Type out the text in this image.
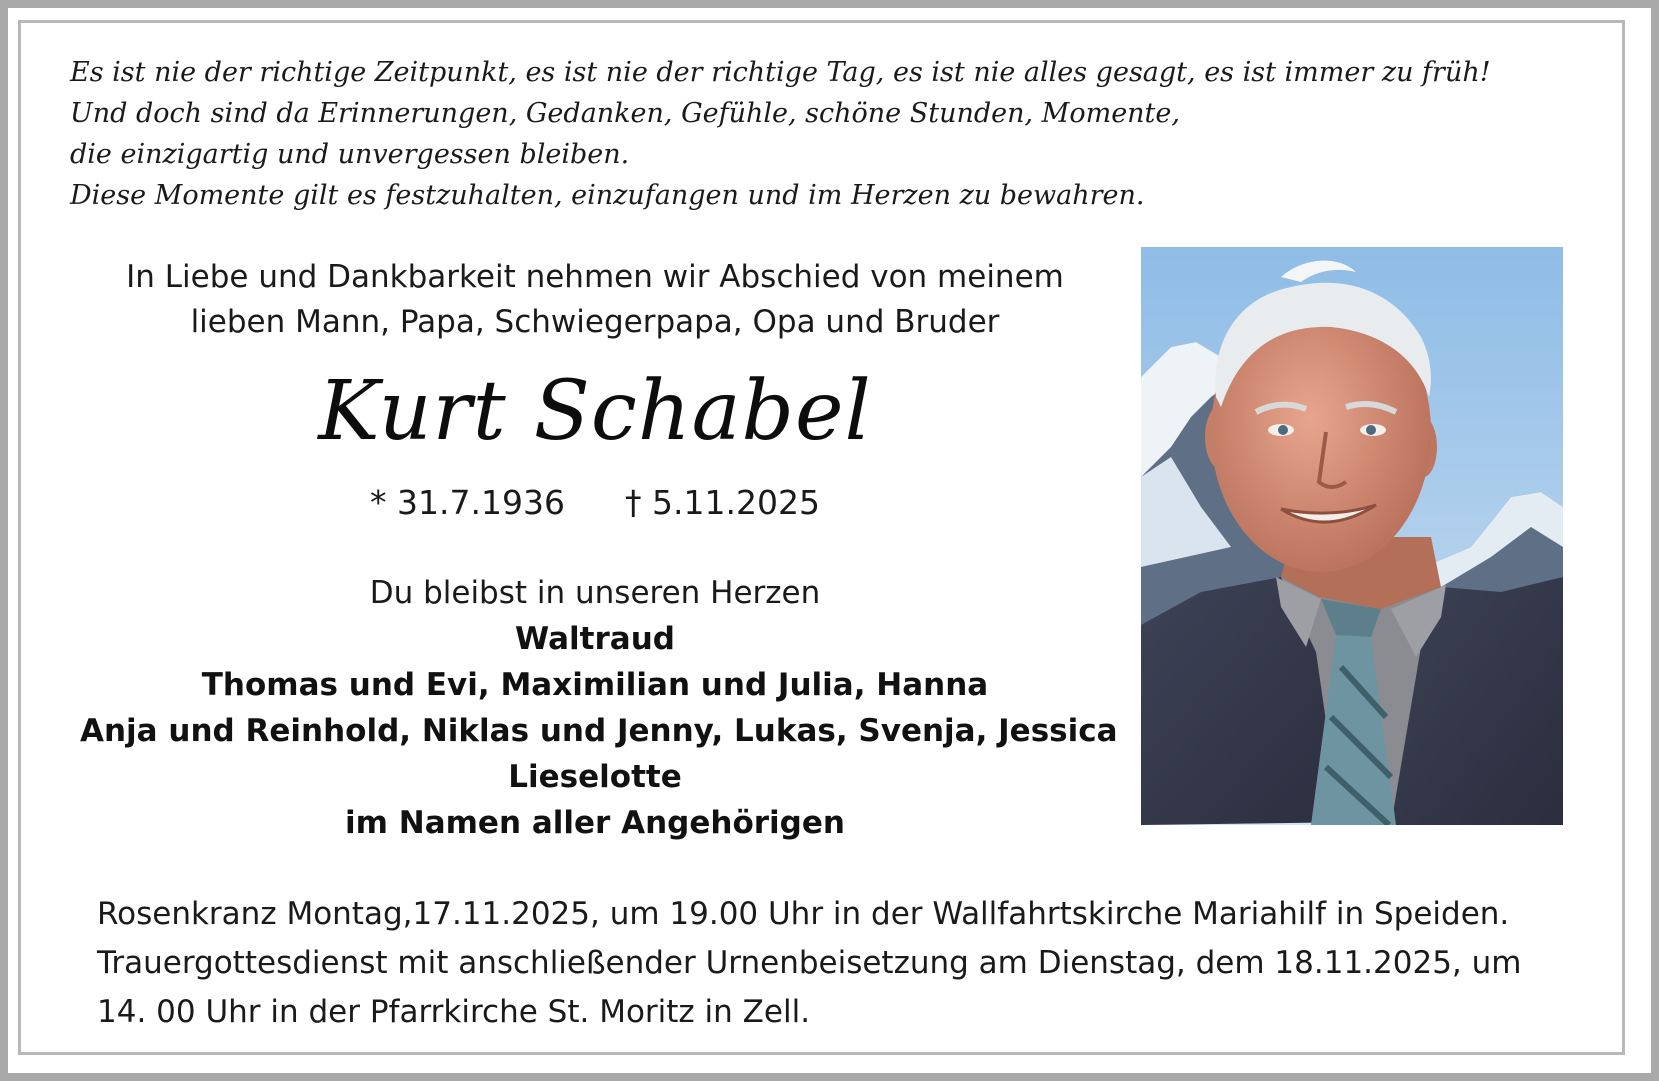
Es ist nie der richtige Zeitpunkt, es ist nie der richtige Tag, es ist nie alles gesagt, es ist immer zu früh!
Und doch sind da Erinnerungen, Gedanken, Gefühle, schöne Stunden, Momente,
die einzigartig und unvergessen bleiben.
Diese Momente gilt es festzuhalten, einzufangen und im Herzen zu bewahren.
In Liebe und Dankbarkeit nehmen wir Abschied von meinem
lieben Mann, Papa, Schwiegerpapa, Opa und Bruder
Kurt Schabel
* 31.7.1936 † 5.11.2025
Du bleibst in unseren Herzen
Waltraud
Thomas und Evi, Maximilian und Julia, Hanna
Anja und Reinhold, Niklas und Jenny, Lukas, Svenja, Jessica
Lieselotte
im Namen aller Angehörigen
Rosenkranz Montag,17.11.2025, um 19.00 Uhr in der Wallfahrtskirche Mariahilf in Speiden.
Trauergottesdienst mit anschließender Urnenbeisetzung am Dienstag, dem 18.11.2025, um
14. 00 Uhr in der Pfarrkirche St. Moritz in Zell.
